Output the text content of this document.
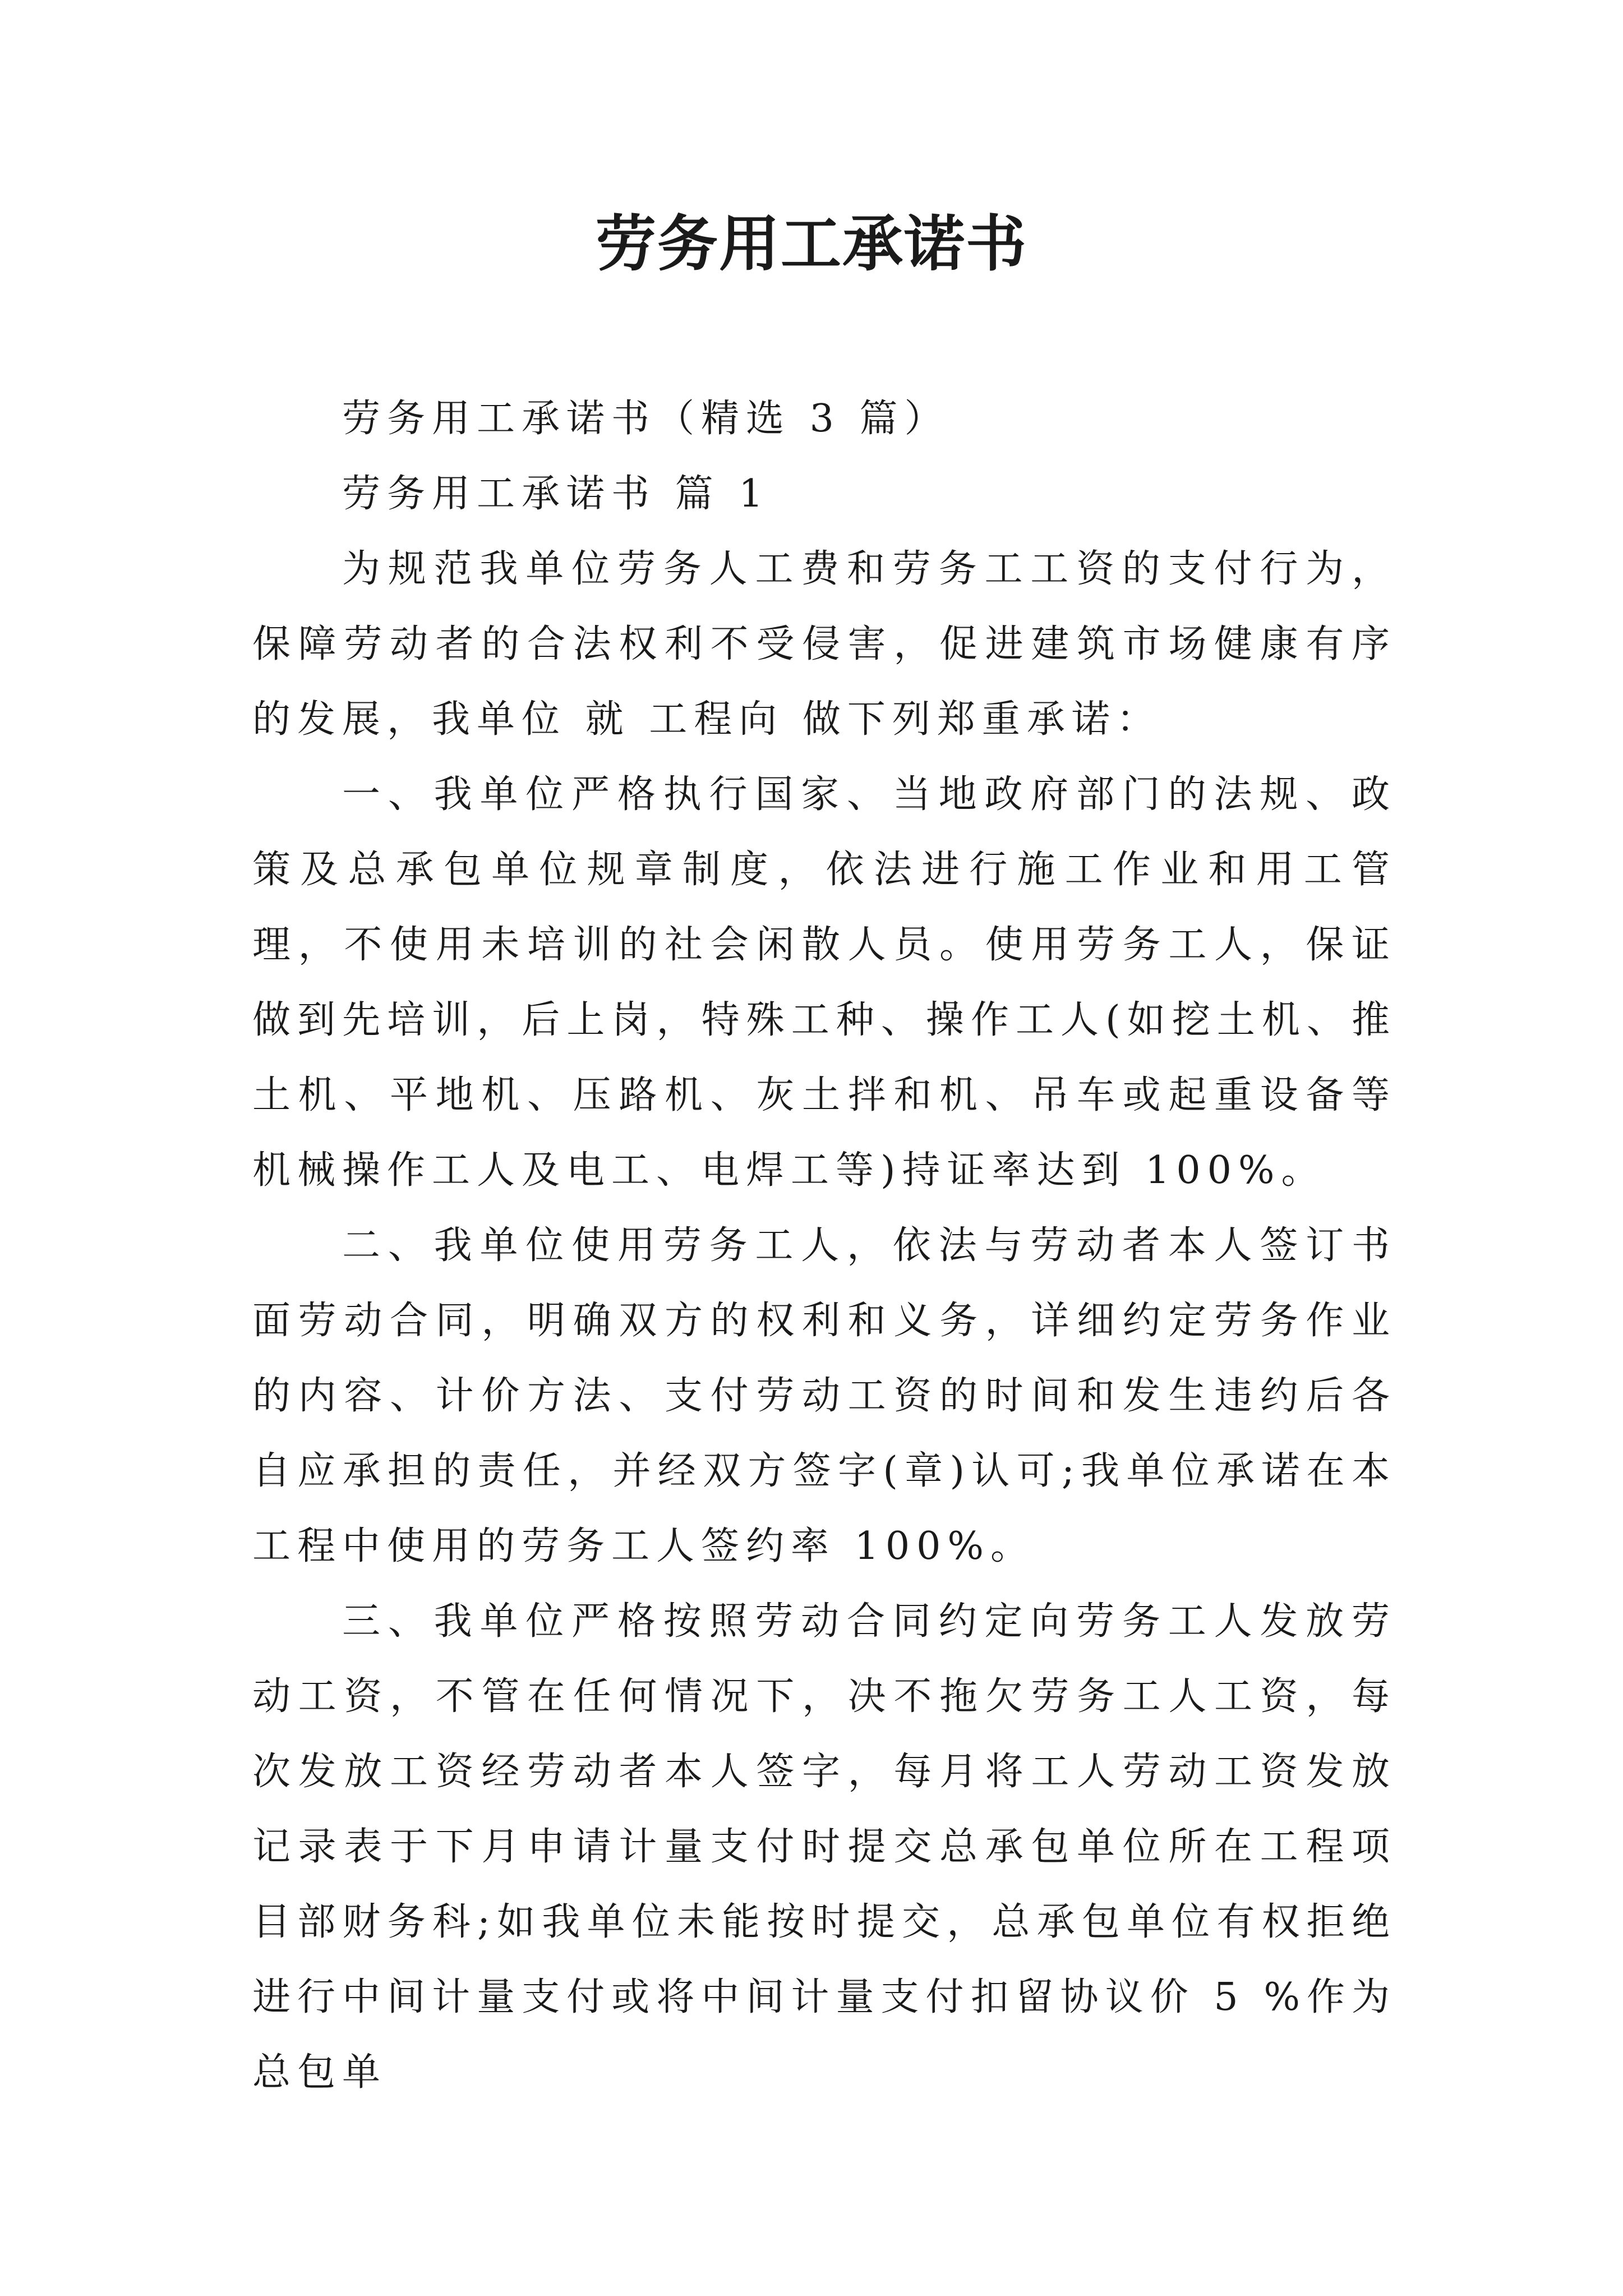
劳务用工承诺书

劳务用工承诺书（精选 3 篇）

劳务用工承诺书 篇 1

为规范我单位劳务人工费和劳务工工资的支付行为，保障劳动者的合法权利不受侵害，促进建筑市场健康有序的发展，我单位 就 工程向 做下列郑重承诺：

一、我单位严格执行国家、当地政府部门的法规、政策及总承包单位规章制度，依法进行施工作业和用工管理，不使用未培训的社会闲散人员。使用劳务工人，保证做到先培训，后上岗，特殊工种、操作工人(如挖土机、推土机、平地机、压路机、灰土拌和机、吊车或起重设备等机械操作工人及电工、电焊工等)持证率达到 100%。

二、我单位使用劳务工人，依法与劳动者本人签订书面劳动合同，明确双方的权利和义务，详细约定劳务作业的内容、计价方法、支付劳动工资的时间和发生违约后各自应承担的责任，并经双方签字(章)认可;我单位承诺在本工程中使用的劳务工人签约率 100%。

三、我单位严格按照劳动合同约定向劳务工人发放劳动工资，不管在任何情况下，决不拖欠劳务工人工资，每次发放工资经劳动者本人签字，每月将工人劳动工资发放记录表于下月申请计量支付时提交总承包单位所在工程项目部财务科;如我单位未能按时提交，总承包单位有权拒绝进行中间计量支付或将中间计量支付扣留协议价 5 %作为总包单
